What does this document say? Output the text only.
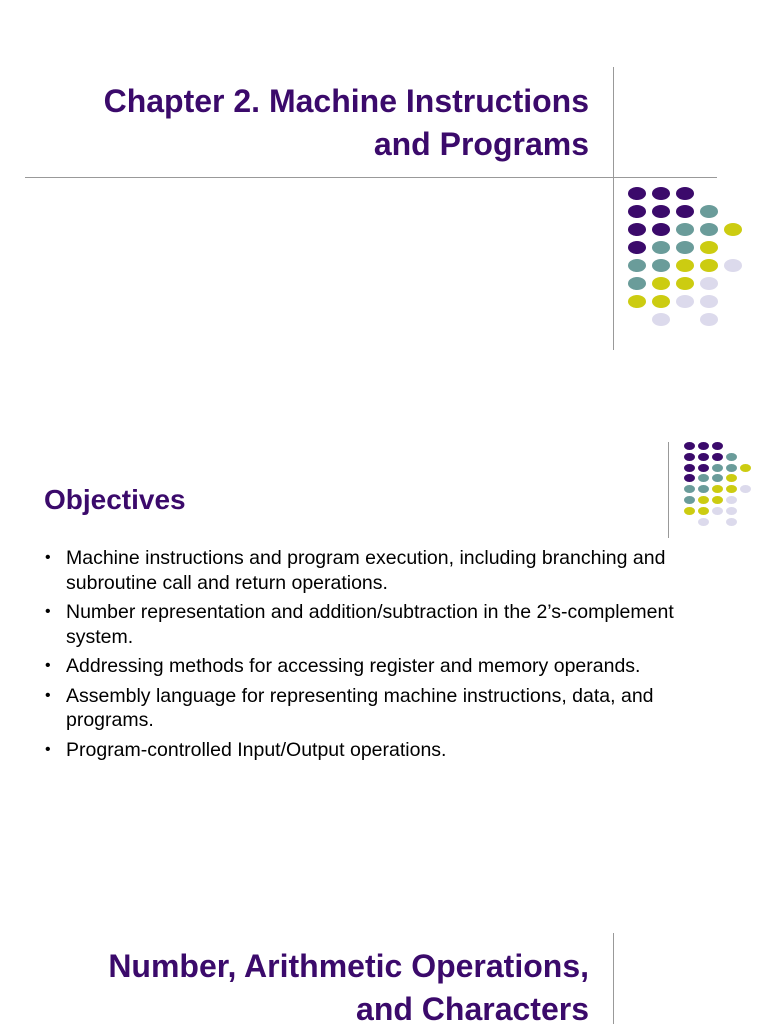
Chapter 2. Machine Instructions
and Programs
Objectives
• Machine instructions and program execution, including branching and
subroutine call and return operations.
• Number representation and addition/subtraction in the 2’s-complement
system.
• Addressing methods for accessing register and memory operands.
• Assembly language for representing machine instructions, data, and
programs.
• Program-controlled Input/Output operations.
Number, Arithmetic Operations,
and Characters
